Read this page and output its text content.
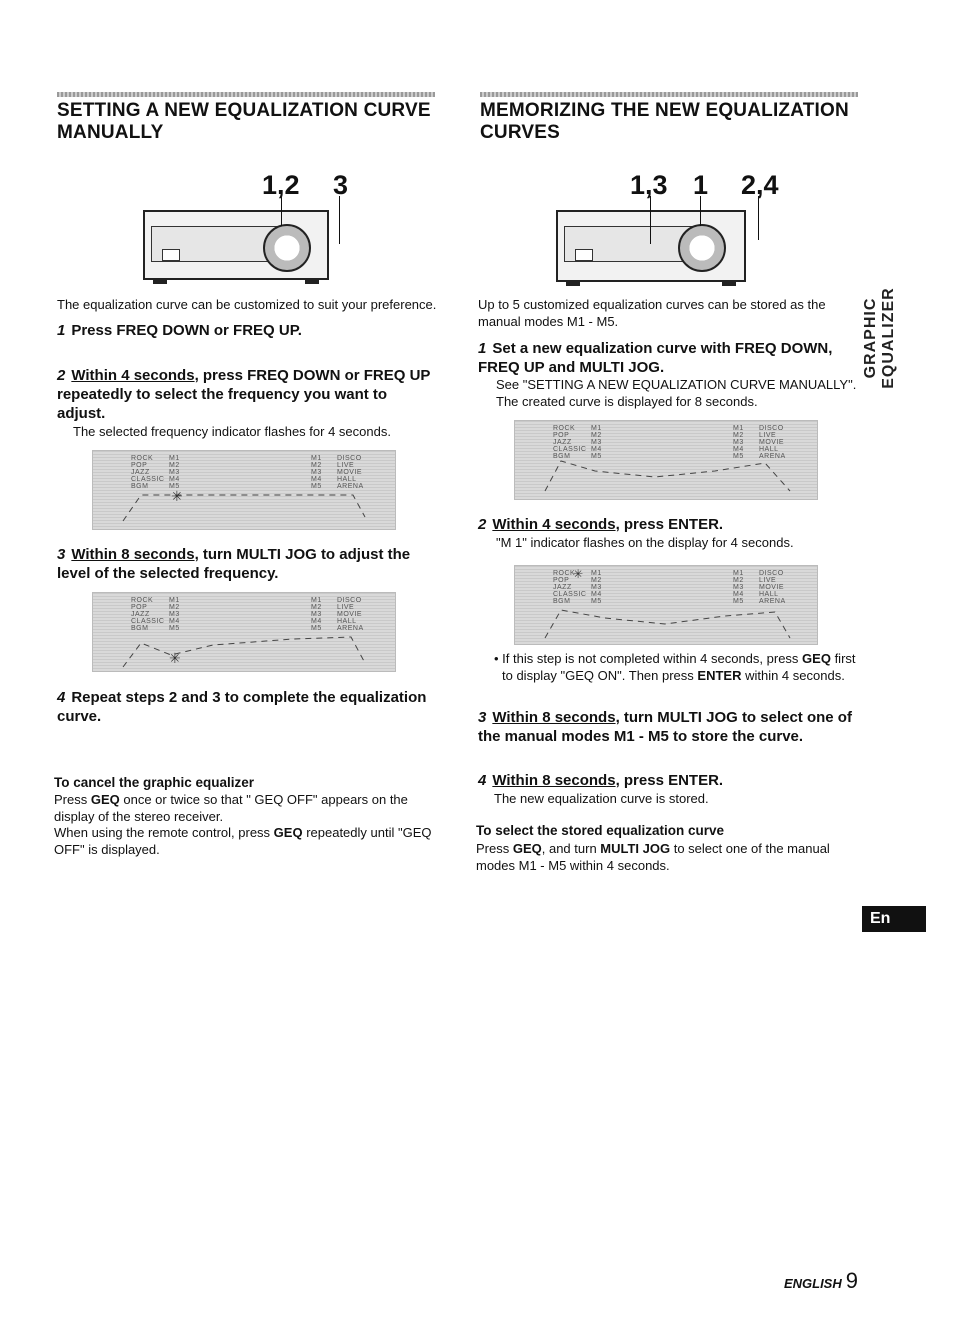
SETTING A NEW EQUALIZATION CURVE MANUALLY
1,2 3

The equalization curve can be customized to suit your preference.

1 Press FREQ DOWN or FREQ UP.
2 Within 4 seconds, press FREQ DOWN or FREQ UP repeatedly to select the frequency you want to adjust.

The selected frequency indicator flashes for 4 seconds.

ROCK
POP
JAZZ
CLASSIC
BGM
M1
M2
M3
M4
M5
M1
M2
M3
M4
M5
DISCO
LIVE
MOVIE
HALL
ARENA
✳
3 Within 8 seconds, turn MULTI JOG to adjust the level of the selected frequency.
ROCK
POP
JAZZ
CLASSIC
BGM
M1
M2
M3
M4
M5
M1
M2
M3
M4
M5
DISCO
LIVE
MOVIE
HALL
ARENA
✳
4 Repeat steps 2 and 3 to complete the equalization curve.
To cancel the graphic equalizer

Press GEQ once or twice so that " GEQ OFF" appears on the display of the stereo receiver.

When using the remote control, press GEQ repeatedly until "GEQ OFF" is displayed.

MEMORIZING THE NEW EQUALIZATION CURVES
1,3 1 2,4

Up to 5 customized equalization curves can be stored as the manual modes M1 - M5.

1 Set a new equalization curve with FREQ DOWN, FREQ UP and MULTI JOG.

See "SETTING A NEW EQUALIZATION CURVE MANUALLY".

The created curve is displayed for 8 seconds.

ROCK
POP
JAZZ
CLASSIC
BGM
M1
M2
M3
M4
M5
M1
M2
M3
M4
M5
DISCO
LIVE
MOVIE
HALL
ARENA
2 Within 4 seconds, press ENTER.

"M 1" indicator flashes on the display for 4 seconds.

ROCK
POP
JAZZ
CLASSIC
BGM
M1
M2
M3
M4
M5
M1
M2
M3
M4
M5
DISCO
LIVE
MOVIE
HALL
ARENA
✳

• If this step is not completed within 4 seconds, press GEQ first to display "GEQ ON". Then press ENTER within 4 seconds.

3 Within 8 seconds, turn MULTI JOG to select one of the manual modes M1 - M5 to store the curve.
4 Within 8 seconds, press ENTER.

The new equalization curve is stored.

To select the stored equalization curve

Press GEQ, and turn MULTI JOG to select one of the manual modes M1 - M5 within 4 seconds.

GRAPHIC EQUALIZER
En
ENGLISH 9
